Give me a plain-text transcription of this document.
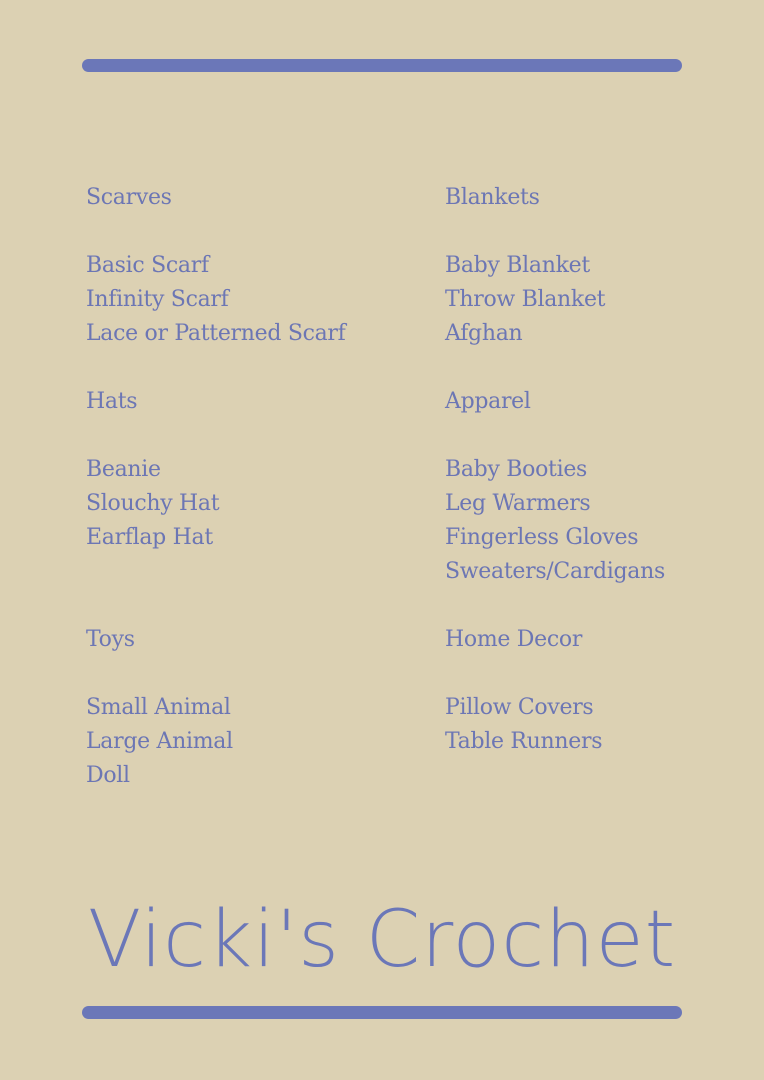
Scarves
Basic Scarf
Infinity Scarf
Lace or Patterned Scarf
Hats
Beanie
Slouchy Hat
Earflap Hat
Toys
Small Animal
Large Animal
Doll
Blankets
Baby Blanket
Throw Blanket
Afghan
Apparel
Baby Booties
Leg Warmers
Fingerless Gloves
Sweaters/Cardigans
Home Decor
Pillow Covers
Table Runners
Vicki's Crochet
